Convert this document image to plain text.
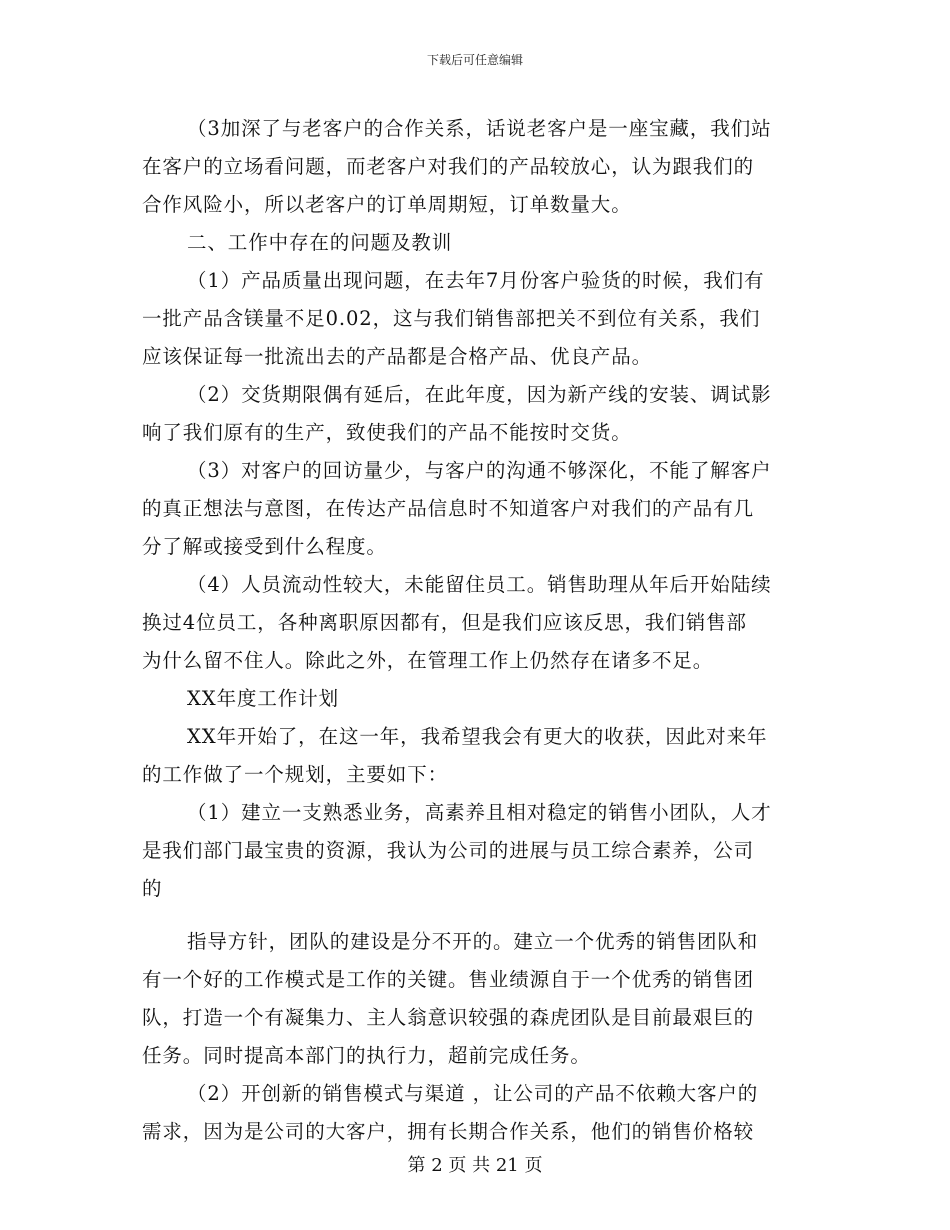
下载后可任意编辑
（3加深了与老客户的合作关系，话说老客户是一座宝藏，我们站
在客户的立场看问题，而老客户对我们的产品较放心，认为跟我们的
合作风险小，所以老客户的订单周期短，订单数量大。
二、工作中存在的问题及教训
（1）产品质量出现问题，在去年7月份客户验货的时候，我们有
一批产品含镁量不足0.02，这与我们销售部把关不到位有关系，我们
应该保证每一批流出去的产品都是合格产品、优良产品。
（2）交货期限偶有延后，在此年度，因为新产线的安装、调试影
响了我们原有的生产，致使我们的产品不能按时交货。
（3）对客户的回访量少，与客户的沟通不够深化，不能了解客户
的真正想法与意图，在传达产品信息时不知道客户对我们的产品有几
分了解或接受到什么程度。
（4）人员流动性较大，未能留住员工。销售助理从年后开始陆续
换过4位员工，各种离职原因都有，但是我们应该反思，我们销售部
为什么留不住人。除此之外，在管理工作上仍然存在诸多不足。
XX年度工作计划
XX年开始了，在这一年，我希望我会有更大的收获，因此对来年
的工作做了一个规划，主要如下：
（1）建立一支熟悉业务，高素养且相对稳定的销售小团队，人才
是我们部门最宝贵的资源，我认为公司的进展与员工综合素养，公司
的
指导方针，团队的建设是分不开的。建立一个优秀的销售团队和
有一个好的工作模式是工作的关键。售业绩源自于一个优秀的销售团
队，打造一个有凝集力、主人翁意识较强的森虎团队是目前最艰巨的
任务。同时提高本部门的执行力，超前完成任务。
（2）开创新的销售模式与渠道 ，让公司的产品不依赖大客户的
需求，因为是公司的大客户，拥有长期合作关系，他们的销售价格较
第 2 页 共 21 页
